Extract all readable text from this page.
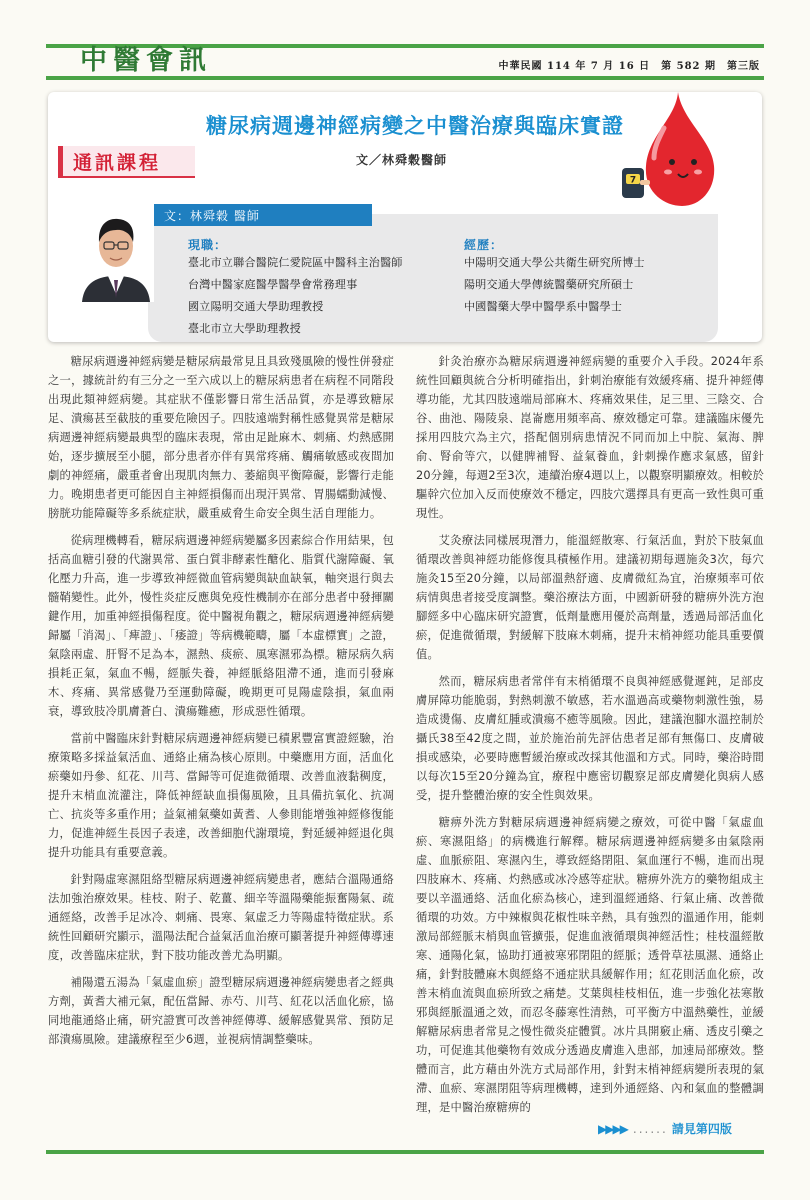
中醫會訊	中華民國 114 年 7 月 16 日　第 582 期　第三版
糖尿病週邊神經病變之中醫治療與臨床實證
通訊課程	文／林舜穀醫師
7
文：林舜穀 醫師
現職：
臺北市立聯合醫院仁愛院區中醫科主治醫師
台灣中醫家庭醫學醫學會常務理事
國立陽明交通大學助理教授
臺北市立大學助理教授
經歷：
中陽明交通大學公共衛生研究所博士
陽明交通大學傳統醫藥研究所碩士
中國醫藥大學中醫學系中醫學士

糖尿病週邊神經病變是糖尿病最常見且具致殘風險的慢性併發症之一，據統計約有三分之一至六成以上的糖尿病患者在病程不同階段出現此類神經病變。其症狀不僅影響日常生活品質，亦是導致糖尿足、潰瘍甚至截肢的重要危險因子。四肢遠端對稱性感覺異常是糖尿病週邊神經病變最典型的臨床表現，常由足趾麻木、刺痛、灼熱感開始，逐步擴展至小腿，部分患者亦伴有異常疼痛、觸痛敏感或夜間加劇的神經痛，嚴重者會出現肌肉無力、萎縮與平衡障礙，影響行走能力。晚期患者更可能因自主神經損傷而出現汗異常、胃腸蠕動減慢、膀胱功能障礙等多系統症狀，嚴重威脅生命安全與生活自理能力。

從病理機轉看，糖尿病週邊神經病變屬多因素綜合作用結果，包括高血糖引發的代謝異常、蛋白質非酵素性醣化、脂質代謝障礙、氧化壓力升高，進一步導致神經微血管病變與缺血缺氧，軸突退行與去髓鞘變性。此外，慢性炎症反應與免疫性機制亦在部分患者中發揮關鍵作用，加重神經損傷程度。從中醫視角觀之，糖尿病週邊神經病變歸屬「消渴」、「痺證」、「痿證」等病機範疇，屬「本虛標實」之證，氣陰兩虛、肝腎不足為本，濕熱、痰瘀、風寒濕邪為標。糖尿病久病損耗正氣，氣血不暢，經脈失養，神經脈絡阻滯不通，進而引發麻木、疼痛、異常感覺乃至運動障礙，晚期更可見陽虛陰損，氣血兩衰，導致肢冷肌膚蒼白、潰瘍難癒，形成惡性循環。

當前中醫臨床針對糖尿病週邊神經病變已積累豐富實證經驗，治療策略多採益氣活血、通絡止痛為核心原則。中藥應用方面，活血化瘀藥如丹參、紅花、川芎、當歸等可促進微循環、改善血液黏稠度，提升末梢血流灌注，降低神經缺血損傷風險，且具備抗氧化、抗凋亡、抗炎等多重作用；益氣補氣藥如黃耆、人參則能增強神經修復能力，促進神經生長因子表達，改善細胞代謝環境，對延緩神經退化與提升功能具有重要意義。

針對陽虛寒濕阻絡型糖尿病週邊神經病變患者，應結合溫陽通絡法加強治療效果。桂枝、附子、乾薑、細辛等溫陽藥能振奮陽氣、疏通經絡，改善手足冰冷、刺痛、畏寒、氣虛乏力等陽虛特徵症狀。系統性回顧研究顯示，溫陽法配合益氣活血治療可顯著提升神經傳導速度，改善臨床症狀，對下肢功能改善尤為明顯。

補陽還五湯為「氣虛血瘀」證型糖尿病週邊神經病變患者之經典方劑，黃耆大補元氣，配伍當歸、赤芍、川芎、紅花以活血化瘀，協同地龍通絡止痛，研究證實可改善神經傳導、緩解感覺異常、預防足部潰瘍風險。建議療程至少6週，並視病情調整藥味。

針灸治療亦為糖尿病週邊神經病變的重要介入手段。2024年系統性回顧與統合分析明確指出，針刺治療能有效緩疼痛、提升神經傳導功能，尤其四肢遠端局部麻木、疼痛效果佳，足三里、三陰交、合谷、曲池、陽陵泉、崑崙應用頻率高、療效穩定可靠。建議臨床優先採用四肢穴為主穴，搭配個別病患情況不同而加上中脘、氣海、脾俞、腎俞等穴，以健脾補腎、益氣養血，針刺操作應求氣感，留針20分鐘，每週2至3次，連續治療4週以上，以觀察明顯療效。相較於驅幹穴位加入反而使療效不穩定，四肢穴選擇具有更高一致性與可重現性。

艾灸療法同樣展現潛力，能溫經散寒、行氣活血，對於下肢氣血循環改善與神經功能修復具積極作用。建議初期每週施灸3次，每穴施灸15至20分鐘，以局部溫熱舒適、皮膚微紅為宜，治療頻率可依病情與患者接受度調整。藥浴療法方面，中國新研發的糖痹外洗方泡腳經多中心臨床研究證實，低劑量應用優於高劑量，透過局部活血化瘀，促進微循環，對緩解下肢麻木刺痛，提升末梢神經功能具重要價值。

然而，糖尿病患者常伴有末梢循環不良與神經感覺遲鈍，足部皮膚屏障功能脆弱，對熱刺激不敏感，若水溫過高或藥物刺激性強，易造成燙傷、皮膚紅腫或潰瘍不癒等風險。因此，建議泡腳水溫控制於攝氏38至42度之間，並於施治前先評估患者足部有無傷口、皮膚破損或感染，必要時應暫緩治療或改採其他溫和方式。同時，藥浴時間以每次15至20分鐘為宜，療程中應密切觀察足部皮膚變化與病人感受，提升整體治療的安全性與效果。

糖痹外洗方對糖尿病週邊神經病變之療效，可從中醫「氣虛血瘀、寒濕阻絡」的病機進行解釋。糖尿病週邊神經病變多由氣陰兩虛、血脈瘀阻、寒濕內生，導致經絡閉阻、氣血運行不暢，進而出現四肢麻木、疼痛、灼熱感或冰冷感等症狀。糖痹外洗方的藥物組成主要以辛溫通絡、活血化瘀為核心，達到溫經通絡、行氣止痛、改善微循環的功效。方中辣椒與花椒性味辛熱，具有強烈的溫通作用，能刺激局部經脈末梢與血管擴張，促進血液循環與神經活性；桂枝溫經散寒、通陽化氣，協助打通被寒邪閉阻的經脈；透骨草祛風濕、通絡止痛，針對肢體麻木與經絡不通症狀具緩解作用；紅花則活血化瘀，改善末梢血流與血瘀所致之痛楚。艾葉與桂枝相伍，進一步強化祛寒散邪與經脈溫通之效，而忍冬藤寒性清熱，可平衡方中溫熱藥性，並緩解糖尿病患者常見之慢性微炎症體質。冰片具開竅止痛、透皮引藥之功，可促進其他藥物有效成分透過皮膚進入患部，加速局部療效。整體而言，此方藉由外洗方式局部作用，針對末梢神經病變所表現的氣滯、血瘀、寒濕閉阻等病理機轉，達到外通經絡、內和氣血的整體調理，是中醫治療糖痹的

▶▶▶▶ ...... 請見第四版
